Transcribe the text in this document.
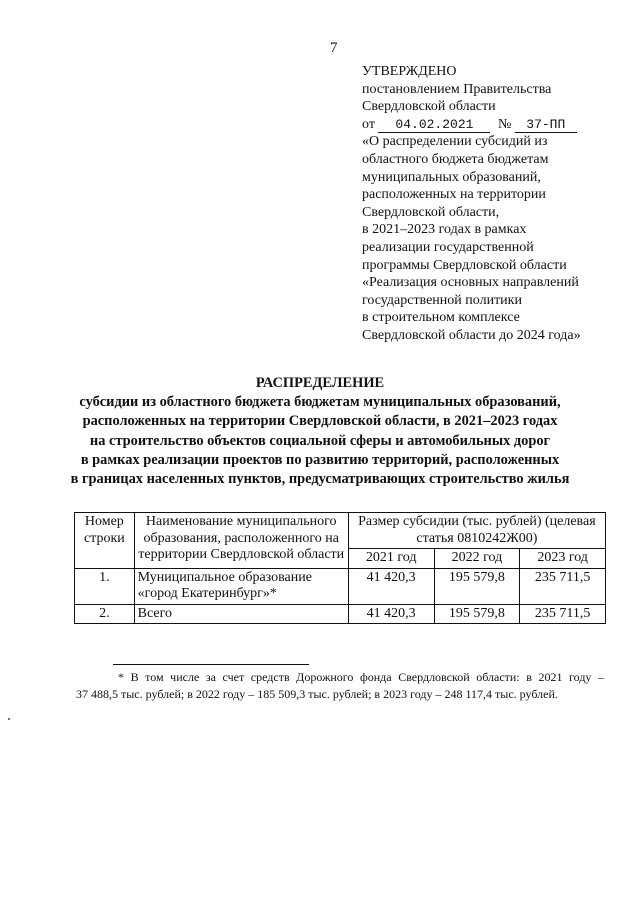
7
УТВЕРЖДЕНО
постановлением Правительства
Свердловской области
от 04.02.2021 № 37-ПП
«О распределении субсидий из
областного бюджета бюджетам
муниципальных образований,
расположенных на территории
Свердловской области,
в 2021–2023 годах в рамках
реализации государственной
программы Свердловской области
«Реализация основных направлений
государственной политики
в строительном комплексе
Свердловской области до 2024 года»
РАСПРЕДЕЛЕНИЕ
субсидии из областного бюджета бюджетам муниципальных образований,
расположенных на территории Свердловской области, в 2021–2023 годах
на строительство объектов социальной сферы и автомобильных дорог
в рамках реализации проектов по развитию территорий, расположенных
в границах населенных пунктов, предусматривающих строительство жилья
Номер строки	Наименование муниципального образования, расположенного на территории Свердловской области	Размер субсидии (тыс. рублей) (целевая статья 0810242Ж00)		
		2021 год	2022 год	2023 год
1.	Муниципальное образование «город Екатеринбург»*	41 420,3	195 579,8	235 711,5
2.	Всего	41 420,3	195 579,8	235 711,5
* В том числе за счет средств Дорожного фонда Свердловской области: в 2021 году –
37 488,5 тыс. рублей; в 2022 году – 185 509,3 тыс. рублей; в 2023 году – 248 117,4 тыс. рублей.
